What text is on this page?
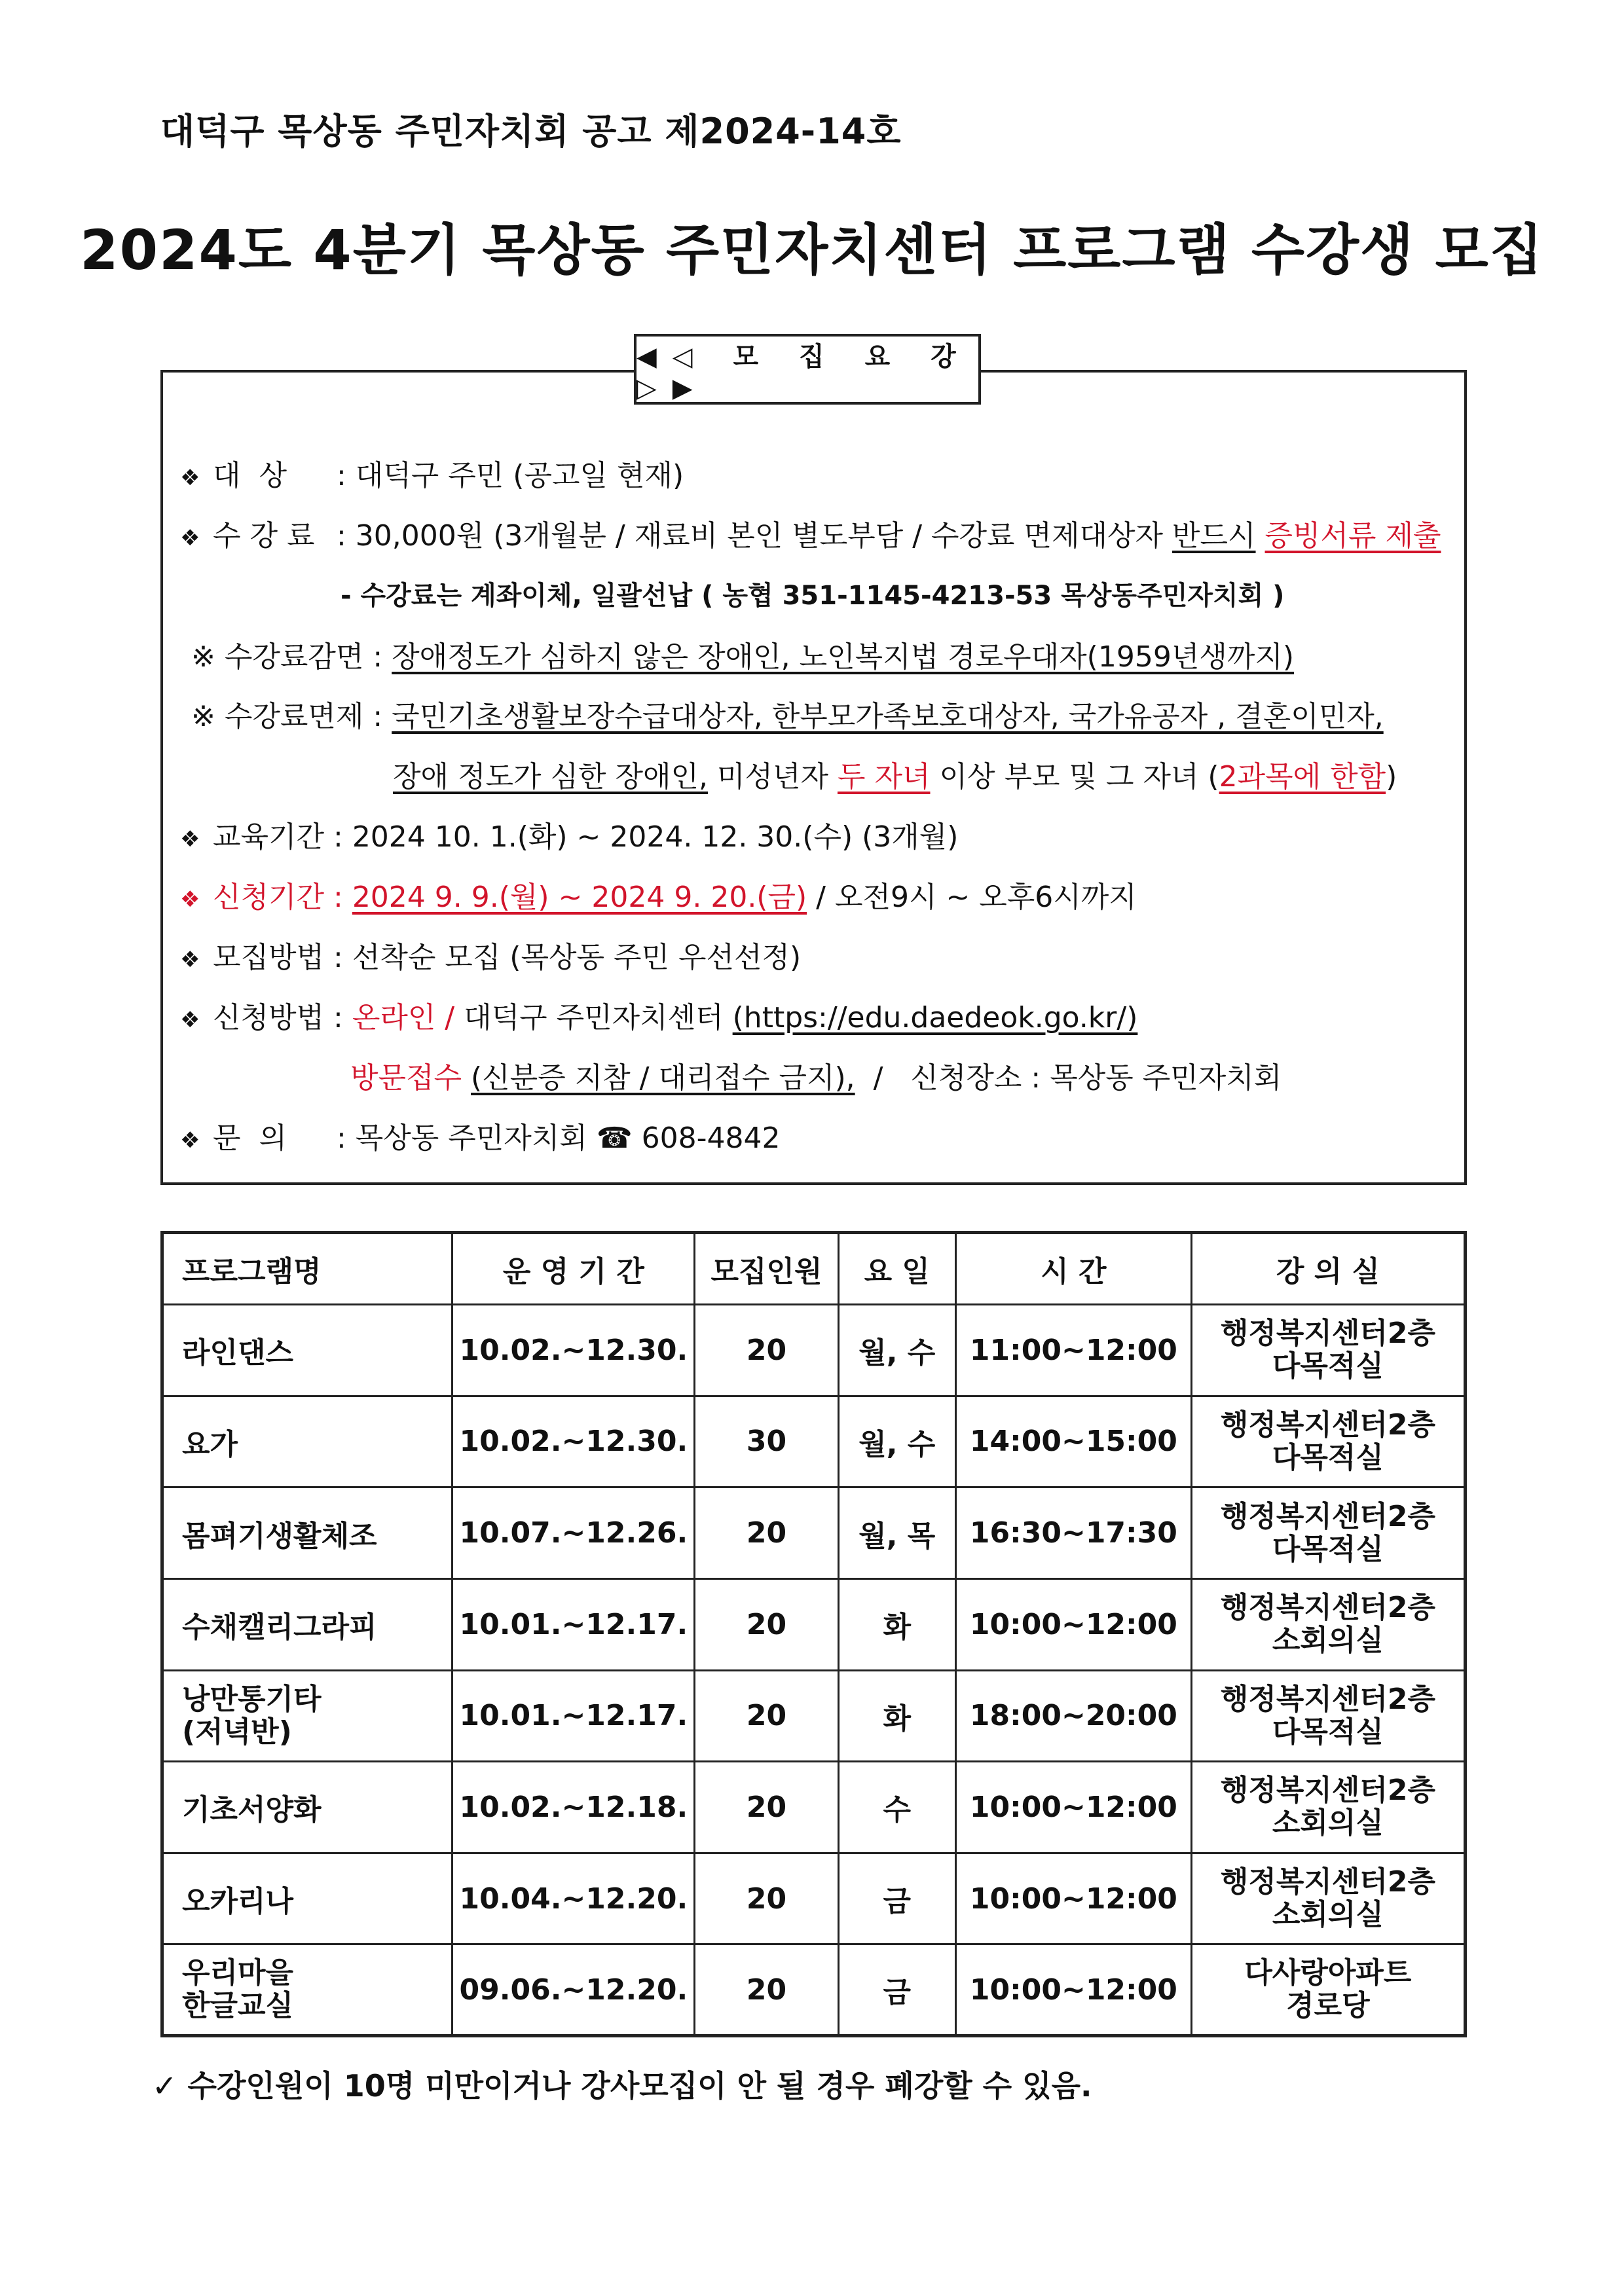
대덕구 목상동 주민자치회 공고 제2024-14호
2024도 4분기 목상동 주민자치센터 프로그램 수강생 모집
◀◁ 모 집 요 강 ▷▶
❖ 대  상 : 대덕구 주민 (공고일 현재)
❖ 수 강 료 : 30,000원 (3개월분 / 재료비 본인 별도부담 / 수강료 면제대상자 반드시 증빙서류 제출
- 수강료는 계좌이체, 일괄선납 ( 농협 351-1145-4213-53 목상동주민자치회 )
※ 수강료감면 : 장애정도가 심하지 않은 장애인, 노인복지법 경로우대자(1959년생까지)
※ 수강료면제 : 국민기초생활보장수급대상자, 한부모가족보호대상자, 국가유공자 , 결혼이민자,
장애 정도가 심한 장애인, 미성년자 두 자녀 이상 부모 및 그 자녀 (2과목에 한함)
❖ 교육기간 : 2024 10. 1.(화) ~ 2024. 12. 30.(수) (3개월)
❖ 신청기간 : 2024 9. 9.(월) ~ 2024 9. 20.(금) / 오전9시 ~ 오후6시까지
❖ 모집방법 : 선착순 모집 (목상동 주민 우선선정)
❖ 신청방법 : 온라인 / 대덕구 주민자치센터 (https://edu.daedeok.go.kr/)
방문접수 (신분증 지참 / 대리접수 금지),  /   신청장소 : 목상동 주민자치회
❖ 문  의 : 목상동 주민자치회 ☎ 608-4842
프로그램명	운 영 기 간	모집인원	요 일	시 간	강 의 실

라인댄스	10.02.~12.30.	20	월, 수	11:00~12:00	행정복지센터2층
다목적실

요가	10.02.~12.30.	30	월, 수	14:00~15:00	행정복지센터2층
다목적실

몸펴기생활체조	10.07.~12.26.	20	월, 목	16:30~17:30	행정복지센터2층
다목적실

수채캘리그라피	10.01.~12.17.	20	화	10:00~12:00	행정복지센터2층
소회의실

낭만통기타
(저녁반)	10.01.~12.17.	20	화	18:00~20:00	행정복지센터2층
다목적실

기초서양화	10.02.~12.18.	20	수	10:00~12:00	행정복지센터2층
소회의실

오카리나	10.04.~12.20.	20	금	10:00~12:00	행정복지센터2층
소회의실

우리마을
한글교실	09.06.~12.20.	20	금	10:00~12:00	다사랑아파트
경로당
✓ 수강인원이 10명 미만이거나 강사모집이 안 될 경우 폐강할 수 있음.
